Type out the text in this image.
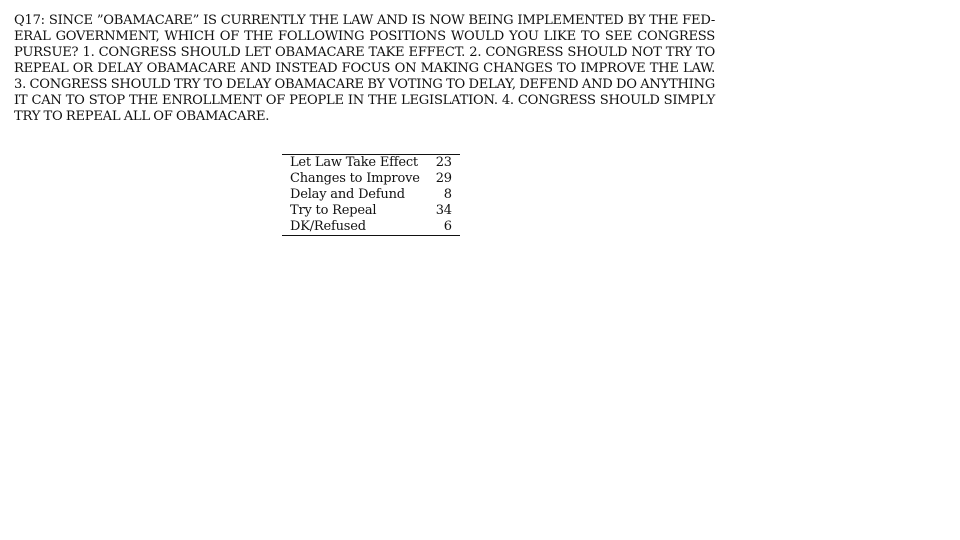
Q17: SINCE ”OBAMACARE” IS CURRENTLY THE LAW AND IS NOW BEING IMPLEMENTED BY THE FED- ERAL GOVERNMENT, WHICH OF THE FOLLOWING POSITIONS WOULD YOU LIKE TO SEE CONGRESS PURSUE? 1. CONGRESS SHOULD LET OBAMACARE TAKE EFFECT. 2. CONGRESS SHOULD NOT TRY TO REPEAL OR DELAY OBAMACARE AND INSTEAD FOCUS ON MAKING CHANGES TO IMPROVE THE LAW. 3. CONGRESS SHOULD TRY TO DELAY OBAMACARE BY VOTING TO DELAY, DEFEND AND DO ANYTHING IT CAN TO STOP THE ENROLLMENT OF PEOPLE IN THE LEGISLATION. 4. CONGRESS SHOULD SIMPLY TRY TO REPEAL ALL OF OBAMACARE.
Let Law Take Effect	23
Changes to Improve	29
Delay and Defund	8
Try to Repeal	34
DK/Refused	6
